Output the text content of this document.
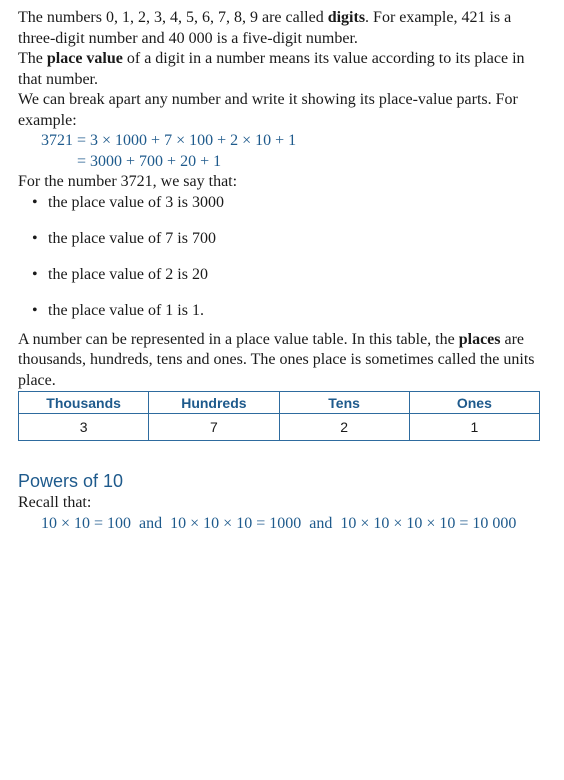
The numbers 0, 1, 2, 3, 4, 5, 6, 7, 8, 9 are called digits. For example, 421 is a three-digit number and 40 000 is a five-digit number.

The place value of a digit in a number means its value according to its place in that number.

We can break apart any number and write it showing its place-value parts. For example:

3721 = 3 × 1000 + 7 × 100 + 2 × 10 + 1
= 3000 + 700 + 20 + 1

For the number 3721, we say that:

• the place value of 3 is 3000
• the place value of 7 is 700
• the place value of 2 is 20
• the place value of 1 is 1.

A number can be represented in a place value table. In this table, the places are thousands, hundreds, tens and ones. The ones place is sometimes called the units place.

Thousands	Hundreds	Tens	Ones
3	7	2	1
Powers of 10

Recall that:

10 × 10 = 100  and  10 × 10 × 10 = 1000  and  10 × 10 × 10 × 10 = 10 000
